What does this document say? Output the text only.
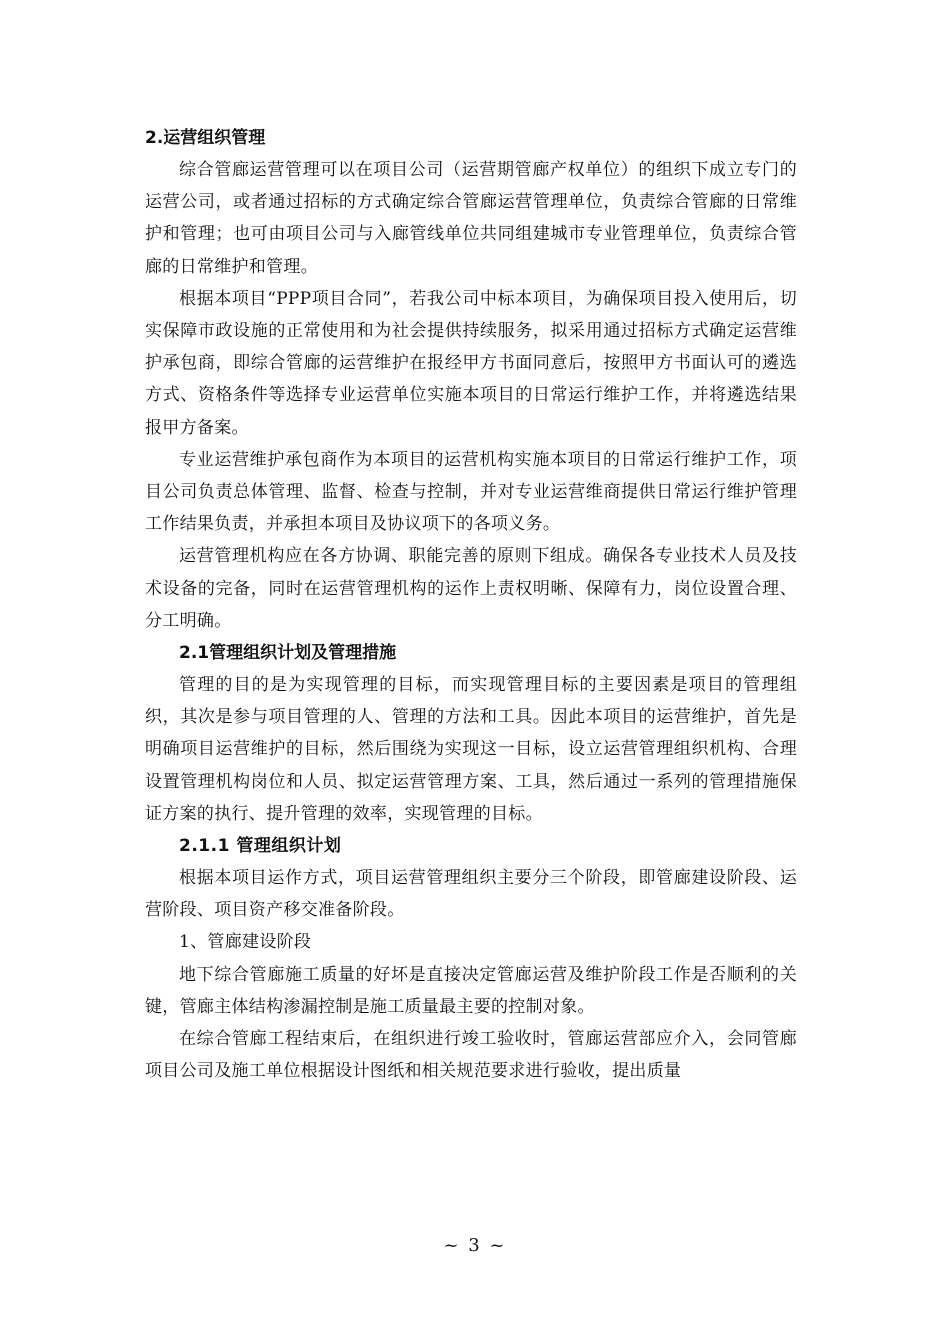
2.运营组织管理

综合管廊运营管理可以在项目公司（运营期管廊产权单位）的组织下成立专门的运营公司，或者通过招标的方式确定综合管廊运营管理单位，负责综合管廊的日常维护和管理；也可由项目公司与入廊管线单位共同组建城市专业管理单位，负责综合管廊的日常维护和管理。

根据本项目“PPP项目合同”，若我公司中标本项目，为确保项目投入使用后，切实保障市政设施的正常使用和为社会提供持续服务，拟采用通过招标方式确定运营维护承包商，即综合管廊的运营维护在报经甲方书面同意后，按照甲方书面认可的遴选方式、资格条件等选择专业运营单位实施本项目的日常运行维护工作，并将遴选结果报甲方备案。

专业运营维护承包商作为本项目的运营机构实施本项目的日常运行维护工作，项目公司负责总体管理、监督、检查与控制，并对专业运营维商提供日常运行维护管理工作结果负责，并承担本项目及协议项下的各项义务。

运营管理机构应在各方协调、职能完善的原则下组成。确保各专业技术人员及技术设备的完备，同时在运营管理机构的运作上责权明晰、保障有力，岗位设置合理、分工明确。

2.1管理组织计划及管理措施

管理的目的是为实现管理的目标，而实现管理目标的主要因素是项目的管理组织，其次是参与项目管理的人、管理的方法和工具。因此本项目的运营维护，首先是明确项目运营维护的目标，然后围绕为实现这一目标，设立运营管理组织机构、合理设置管理机构岗位和人员、拟定运营管理方案、工具，然后通过一系列的管理措施保证方案的执行、提升管理的效率，实现管理的目标。

2.1.1 管理组织计划

根据本项目运作方式，项目运营管理组织主要分三个阶段，即管廊建设阶段、运营阶段、项目资产移交准备阶段。

1、管廊建设阶段

地下综合管廊施工质量的好坏是直接决定管廊运营及维护阶段工作是否顺利的关键，管廊主体结构渗漏控制是施工质量最主要的控制对象。

在综合管廊工程结束后，在组织进行竣工验收时，管廊运营部应介入，会同管廊项目公司及施工单位根据设计图纸和相关规范要求进行验收，提出质量

~ 3 ~
